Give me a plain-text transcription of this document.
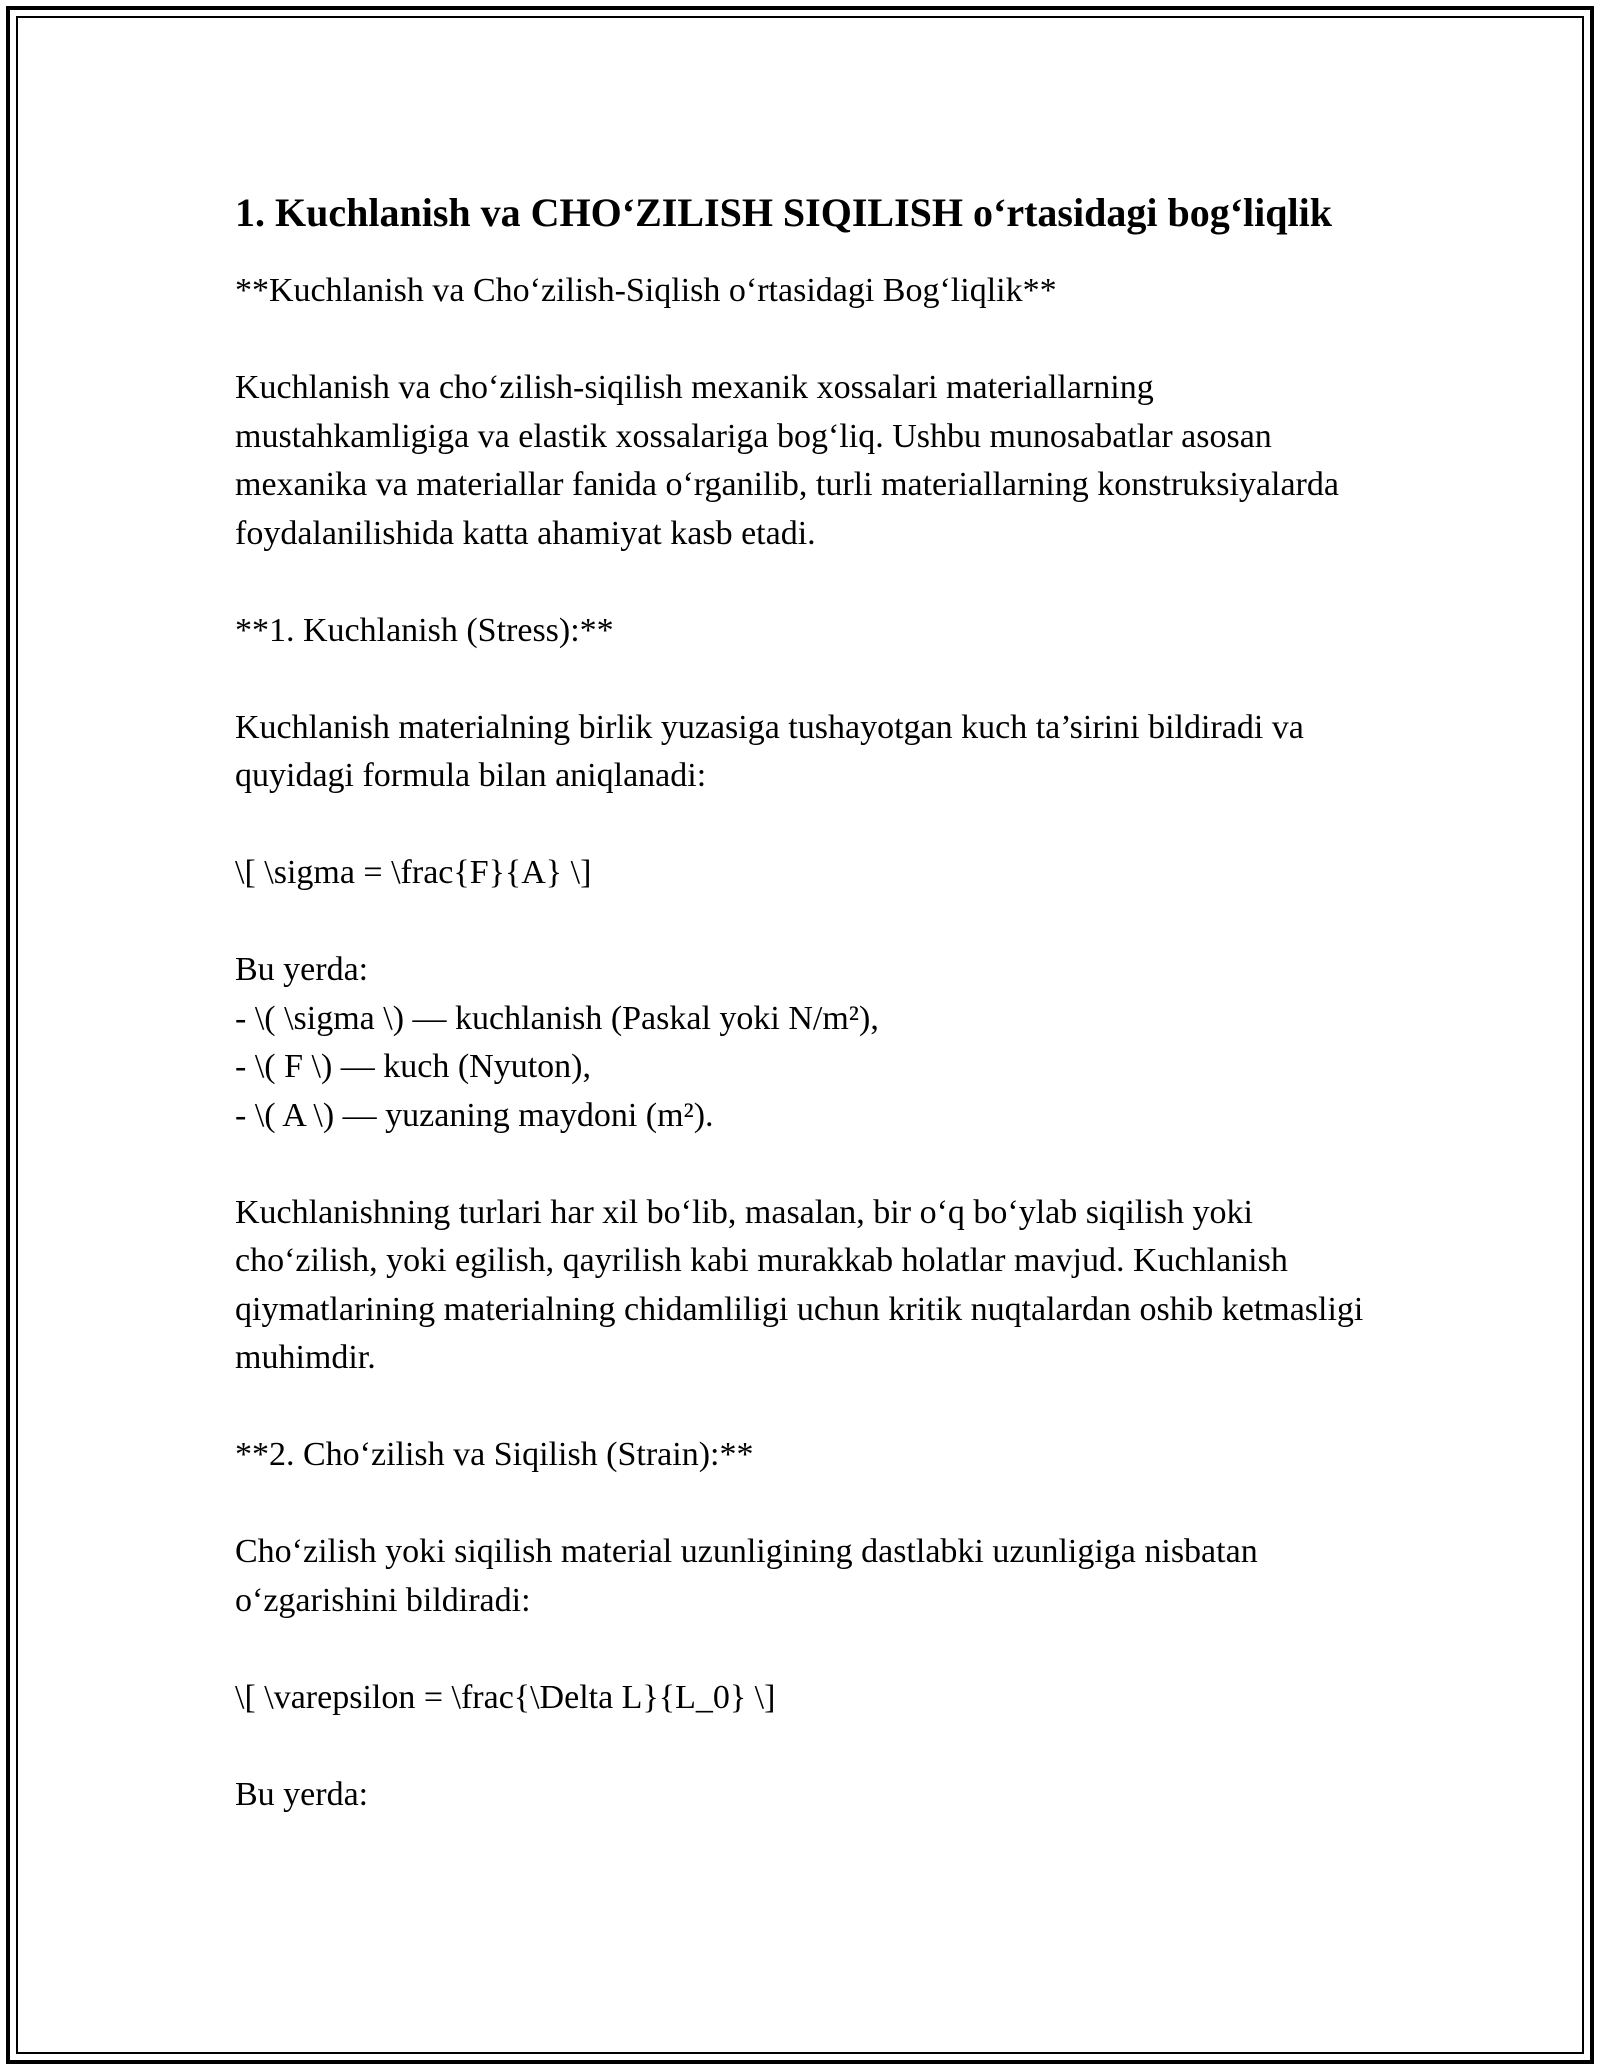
1. Kuchlanish va CHO‘ZILISH SIQILISH o‘rtasidagi bog‘liqlik

**Kuchlanish va Cho‘zilish-Siqlish o‘rtasidagi Bog‘liqlik**

Kuchlanish va cho‘zilish-siqilish mexanik xossalari materiallarning mustahkamligiga va elastik xossalariga bog‘liq. Ushbu munosabatlar asosan mexanika va materiallar fanida o‘rganilib, turli materiallarning konstruksiyalarda foydalanilishida katta ahamiyat kasb etadi.

**1. Kuchlanish (Stress):**

Kuchlanish materialning birlik yuzasiga tushayotgan kuch ta’sirini bildiradi va quyidagi formula bilan aniqlanadi:

\[ \sigma = \frac{F}{A} \]

Bu yerda:

- \( \sigma \) — kuchlanish (Paskal yoki N/m²),

- \( F \) — kuch (Nyuton),

- \( A \) — yuzaning maydoni (m²).

Kuchlanishning turlari har xil bo‘lib, masalan, bir o‘q bo‘ylab siqilish yoki cho‘zilish, yoki egilish, qayrilish kabi murakkab holatlar mavjud. Kuchlanish qiymatlarining materialning chidamliligi uchun kritik nuqtalardan oshib ketmasligi muhimdir.

**2. Cho‘zilish va Siqilish (Strain):**

Cho‘zilish yoki siqilish material uzunligining dastlabki uzunligiga nisbatan o‘zgarishini bildiradi:

\[ \varepsilon = \frac{\Delta L}{L_0} \]

Bu yerda:
